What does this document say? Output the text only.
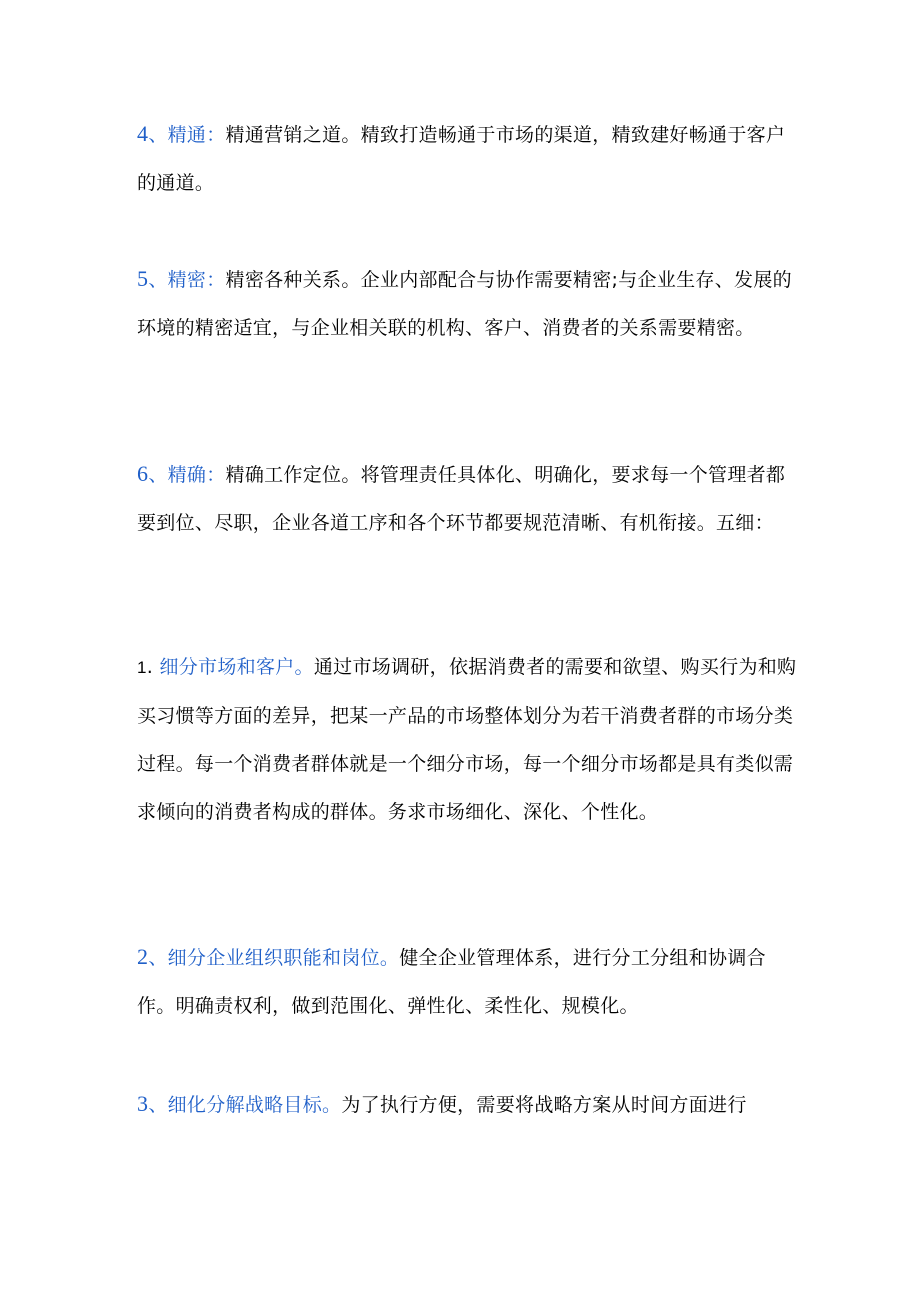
4、精通：精通营销之道。精致打造畅通于市场的渠道，精致建好畅通于客户的通道。

5、精密：精密各种关系。企业内部配合与协作需要精密;与企业生存、发展的环境的精密适宜，与企业相关联的机构、客户、消费者的关系需要精密。

6、精确：精确工作定位。将管理责任具体化、明确化，要求每一个管理者都要到位、尽职，企业各道工序和各个环节都要规范清晰、有机衔接。五细：

1. 细分市场和客户。通过市场调研，依据消费者的需要和欲望、购买行为和购买习惯等方面的差异，把某一产品的市场整体划分为若干消费者群的市场分类过程。每一个消费者群体就是一个细分市场，每一个细分市场都是具有类似需求倾向的消费者构成的群体。务求市场细化、深化、个性化。

2、细分企业组织职能和岗位。健全企业管理体系，进行分工分组和协调合作。明确责权利，做到范围化、弹性化、柔性化、规模化。

3、细化分解战略目标。为了执行方便，需要将战略方案从时间方面进行
